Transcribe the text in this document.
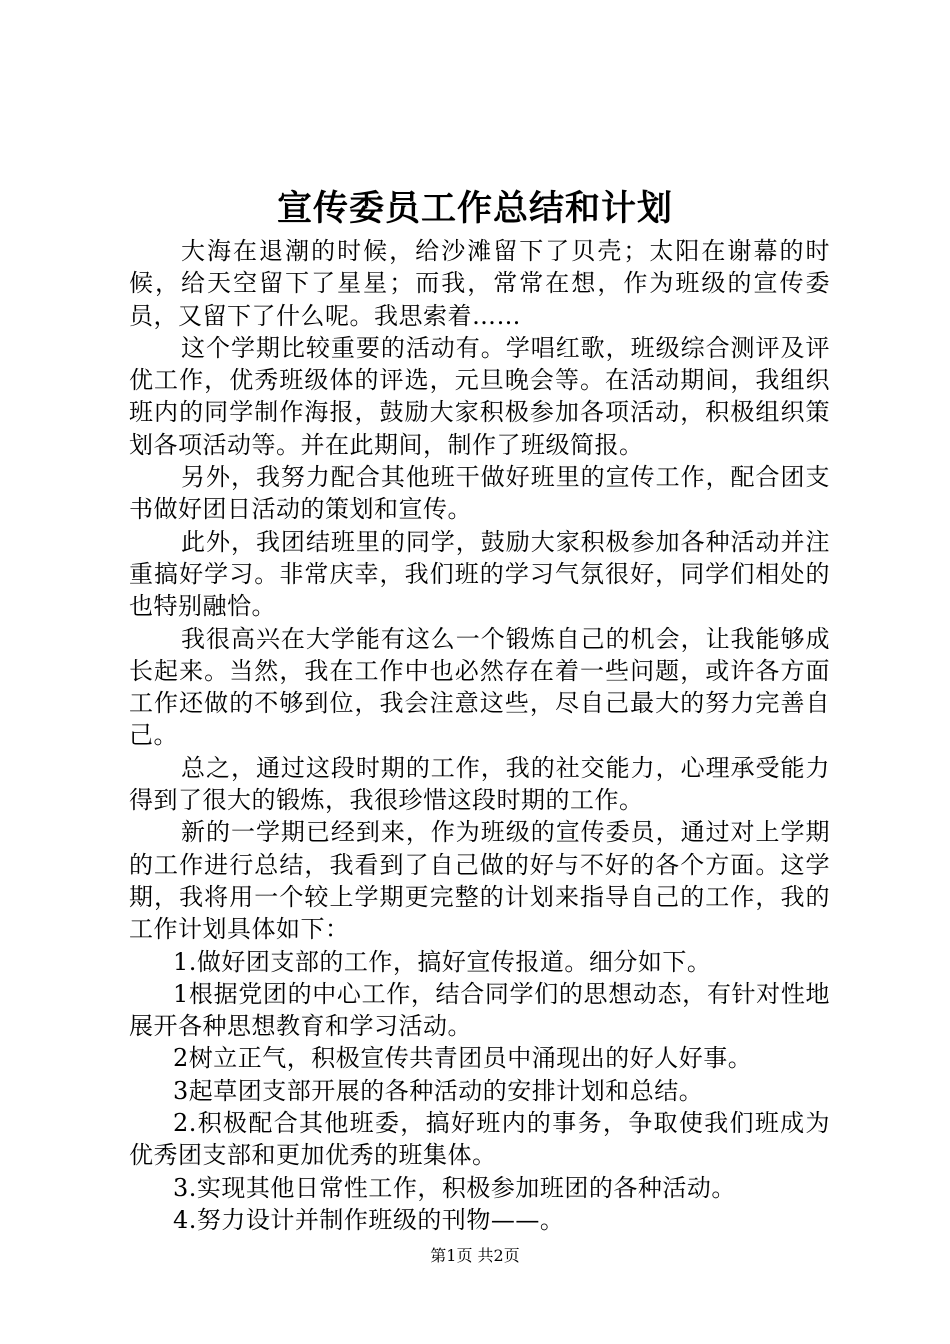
宣传委员工作总结和计划

大海在退潮的时候，给沙滩留下了贝壳；太阳在谢幕的时候，给天空留下了星星；而我，常常在想，作为班级的宣传委员，又留下了什么呢。我思索着……

这个学期比较重要的活动有。学唱红歌，班级综合测评及评优工作，优秀班级体的评选，元旦晚会等。在活动期间，我组织班内的同学制作海报，鼓励大家积极参加各项活动，积极组织策划各项活动等。并在此期间，制作了班级简报。

另外，我努力配合其他班干做好班里的宣传工作，配合团支书做好团日活动的策划和宣传。

此外，我团结班里的同学，鼓励大家积极参加各种活动并注重搞好学习。非常庆幸，我们班的学习气氛很好，同学们相处的也特别融恰。

我很高兴在大学能有这么一个锻炼自己的机会，让我能够成长起来。当然，我在工作中也必然存在着一些问题，或许各方面工作还做的不够到位，我会注意这些，尽自己最大的努力完善自己。

总之，通过这段时期的工作，我的社交能力，心理承受能力得到了很大的锻炼，我很珍惜这段时期的工作。

新的一学期已经到来，作为班级的宣传委员，通过对上学期的工作进行总结，我看到了自己做的好与不好的各个方面。这学期，我将用一个较上学期更完整的计划来指导自己的工作，我的工作计划具体如下：

1.做好团支部的工作，搞好宣传报道。细分如下。

1根据党团的中心工作，结合同学们的思想动态，有针对性地展开各种思想教育和学习活动。

2树立正气，积极宣传共青团员中涌现出的好人好事。

3起草团支部开展的各种活动的安排计划和总结。

2.积极配合其他班委，搞好班内的事务，争取使我们班成为优秀团支部和更加优秀的班集体。

3.实现其他日常性工作，积极参加班团的各种活动。

4.努力设计并制作班级的刊物——。

第1页 共2页
